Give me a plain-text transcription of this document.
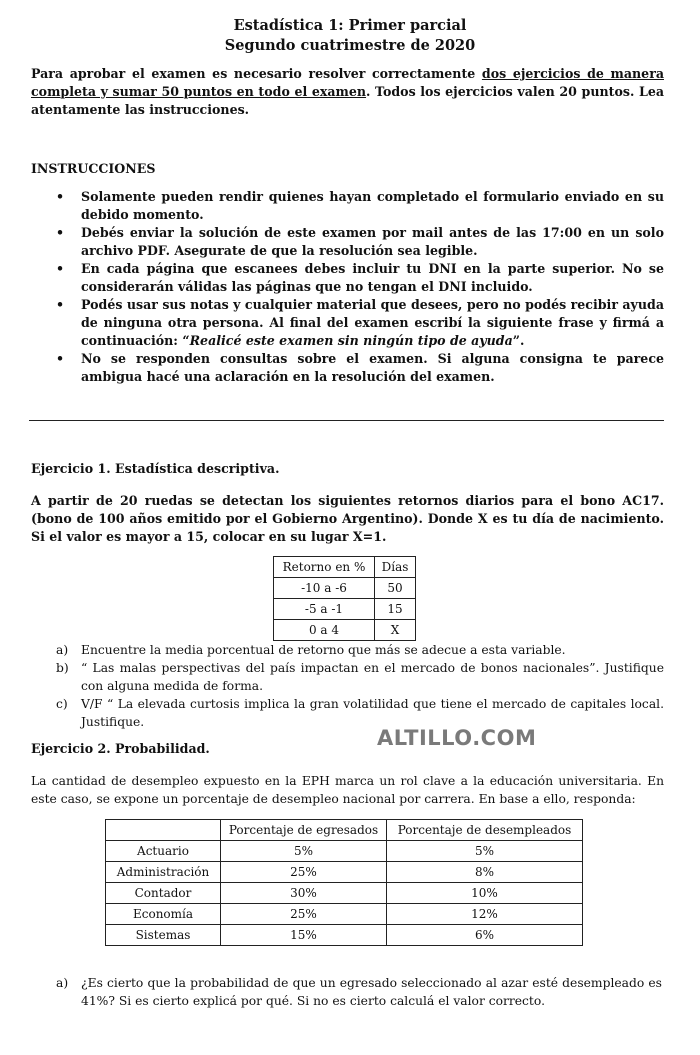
Estadística 1: Primer parcial
Segundo cuatrimestre de 2020
Para aprobar el examen es necesario resolver correctamente dos ejercicios de manera completa y sumar 50 puntos en todo el examen. Todos los ejercicios valen 20 puntos. Lea atentamente las instrucciones.
INSTRUCCIONES
• Solamente pueden rendir quienes hayan completado el formulario enviado en su debido momento.
• Debés enviar la solución de este examen por mail antes de las 17:00 en un solo archivo PDF. Asegurate de que la resolución sea legible.
• En cada página que escanees debes incluir tu DNI en la parte superior. No se considerarán válidas las páginas que no tengan el DNI incluido.
• Podés usar sus notas y cualquier material que desees, pero no podés recibir ayuda de ninguna otra persona. Al final del examen escribí la siguiente frase y firmá a continuación: “Realicé este examen sin ningún tipo de ayuda”.
• No se responden consultas sobre el examen. Si alguna consigna te parece ambigua hacé una aclaración en la resolución del examen.
Ejercicio 1. Estadística descriptiva.
A partir de 20 ruedas se detectan los siguientes retornos diarios para el bono AC17.(bono de 100 años emitido por el Gobierno Argentino). Donde X es tu día de nacimiento. Si el valor es mayor a 15, colocar en su lugar X=1.
Retorno en %	Días
-10 a -6	50
-5 a -1	15
0 a 4	X
a) Encuentre la media porcentual de retorno que más se adecue a esta variable.
b) “ Las malas perspectivas del país impactan en el mercado de bonos nacionales”. Justifique con alguna medida de forma.
c) V/F “ La elevada curtosis implica la gran volatilidad que tiene el mercado de capitales local. Justifique.
Ejercicio 2. Probabilidad.	ALTILLO.COM
La cantidad de desempleo expuesto en la EPH marca un rol clave a la educación universitaria. En este caso, se expone un porcentaje de desempleo nacional por carrera. En base a ello, responda:
	Porcentaje de egresados	Porcentaje de desempleados
Actuario	5%	5%
Administración	25%	8%
Contador	30%	10%
Economía	25%	12%
Sistemas	15%	6%
a) ¿Es cierto que la probabilidad de que un egresado seleccionado al azar esté desempleado es 41%? Si es cierto explicá por qué. Si no es cierto calculá el valor correcto.
